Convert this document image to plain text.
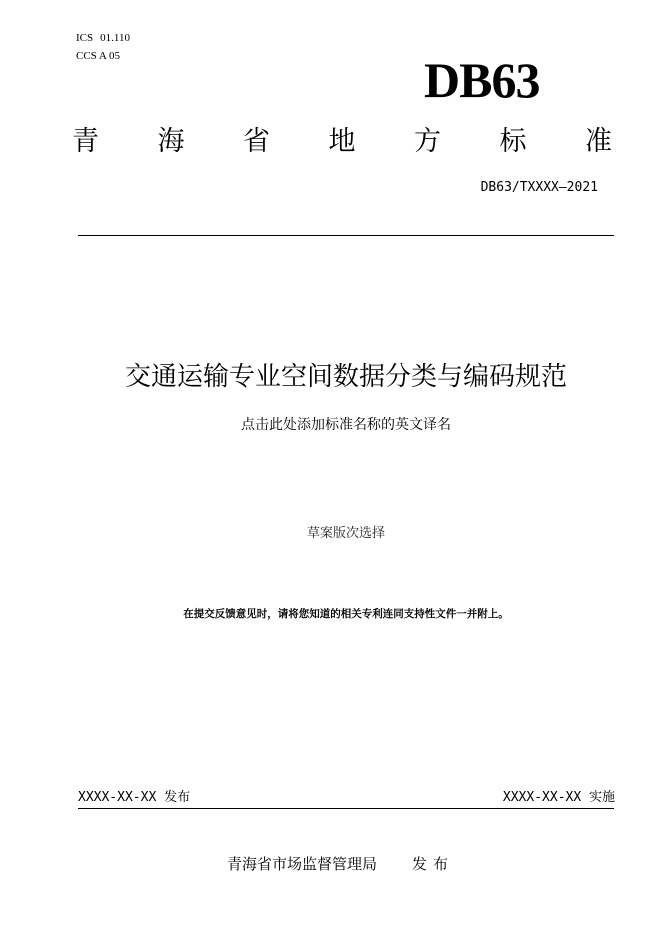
ICS 01.110
CCS A 05	DB63
青 海 省 地 方 标 准
DB63/TXXXX—2021
交通运输专业空间数据分类与编码规范
点击此处添加标准名称的英文译名
草案版次选择
在提交反馈意见时，请将您知道的相关专利连同支持性文件一并附上。
XXXX-XX-XX 发布	XXXX-XX-XX 实施
青海省市场监督管理局 发布
